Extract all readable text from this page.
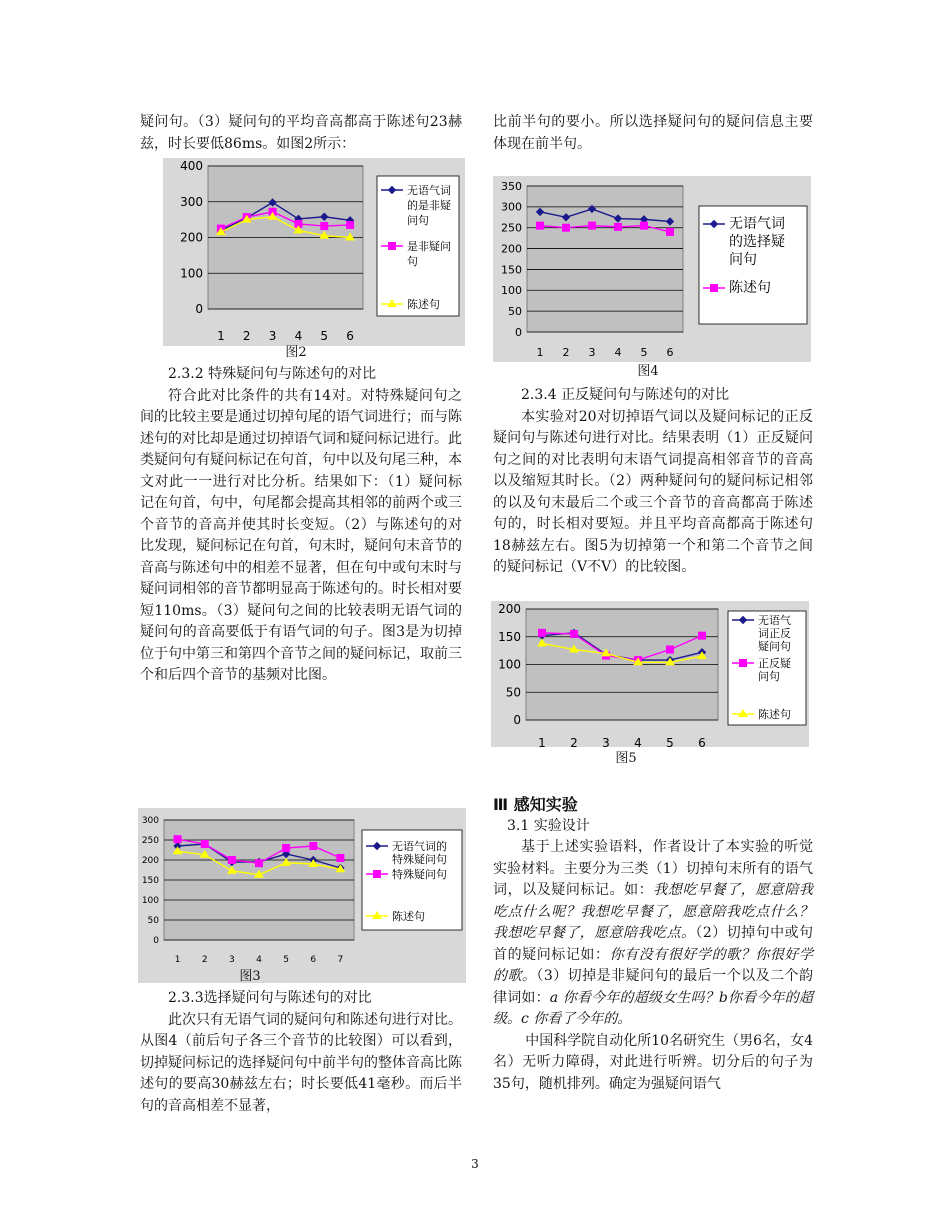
疑问句。（3）疑问句的平均音高都高于陈述句23赫兹，时长要低86ms。如图2所示：

0
100
200
300
400
1 2 3 4 5 6
无语气词
的是非疑
问句
是非疑问
句
陈述句

图2

2.3.2 特殊疑问句与陈述句的对比

符合此对比条件的共有14对。对特殊疑问句之间的比较主要是通过切掉句尾的语气词进行；而与陈述句的对比却是通过切掉语气词和疑问标记进行。此类疑问句有疑问标记在句首，句中以及句尾三种，本文对此一一进行对比分析。结果如下：（1）疑问标记在句首，句中，句尾都会提高其相邻的前两个或三个音节的音高并使其时长变短。（2）与陈述句的对比发现，疑问标记在句首，句末时，疑问句末音节的音高与陈述句中的相差不显著，但在句中或句末时与疑问词相邻的音节都明显高于陈述句的。时长相对要短110ms。（3）疑问句之间的比较表明无语气词的疑问句的音高要低于有语气词的句子。图3是为切掉位于句中第三和第四个音节之间的疑问标记，取前三个和后四个音节的基频对比图。

0
50
100
150
200
250
300
1 2 3 4 5 6 7
无语气词的
特殊疑问句
特殊疑问句
陈述句

图3

2.3.3选择疑问句与陈述句的对比

此次只有无语气词的疑问句和陈述句进行对比。从图4（前后句子各三个音节的比较图）可以看到，切掉疑问标记的选择疑问句中前半句的整体音高比陈述句的要高30赫兹左右；时长要低41毫秒。而后半句的音高相差不显著，

比前半句的要小。所以选择疑问句的疑问信息主要体现在前半句。

0
50
100
150
200
250
300
350
1 2 3 4 5 6
无语气词
的选择疑
问句
陈述句

图4

2.3.4 正反疑问句与陈述句的对比

本实验对20对切掉语气词以及疑问标记的正反疑问句与陈述句进行对比。结果表明（1）正反疑问句之间的对比表明句末语气词提高相邻音节的音高以及缩短其时长。（2）两种疑问句的疑问标记相邻的以及句末最后二个或三个音节的音高都高于陈述句的，时长相对要短。并且平均音高都高于陈述句18赫兹左右。图5为切掉第一个和第二个音节之间的疑问标记（V不V）的比较图。

0
50
100
150
200
1 2 3 4 5 6
无语气
词正反
疑问句
正反疑
问句
陈述句

图5

Ⅲ 感知实验

3.1 实验设计

基于上述实验语料，作者设计了本实验的听觉实验材料。主要分为三类（1）切掉句末所有的语气词，以及疑问标记。如：我想吃早餐了，愿意陪我吃点什么呢？我想吃早餐了，愿意陪我吃点什么？我想吃早餐了，愿意陪我吃点。（2）切掉句中或句首的疑问标记如：你有没有很好学的歌？你很好学的歌。（3）切掉是非疑问句的最后一个以及二个韵律词如：a 你看今年的超级女生吗？b你看今年的超级。c 你看了今年的。

中国科学院自动化所10名研究生（男6名，女4名）无听力障碍，对此进行听辨。切分后的句子为35句，随机排列。确定为强疑问语气

3
